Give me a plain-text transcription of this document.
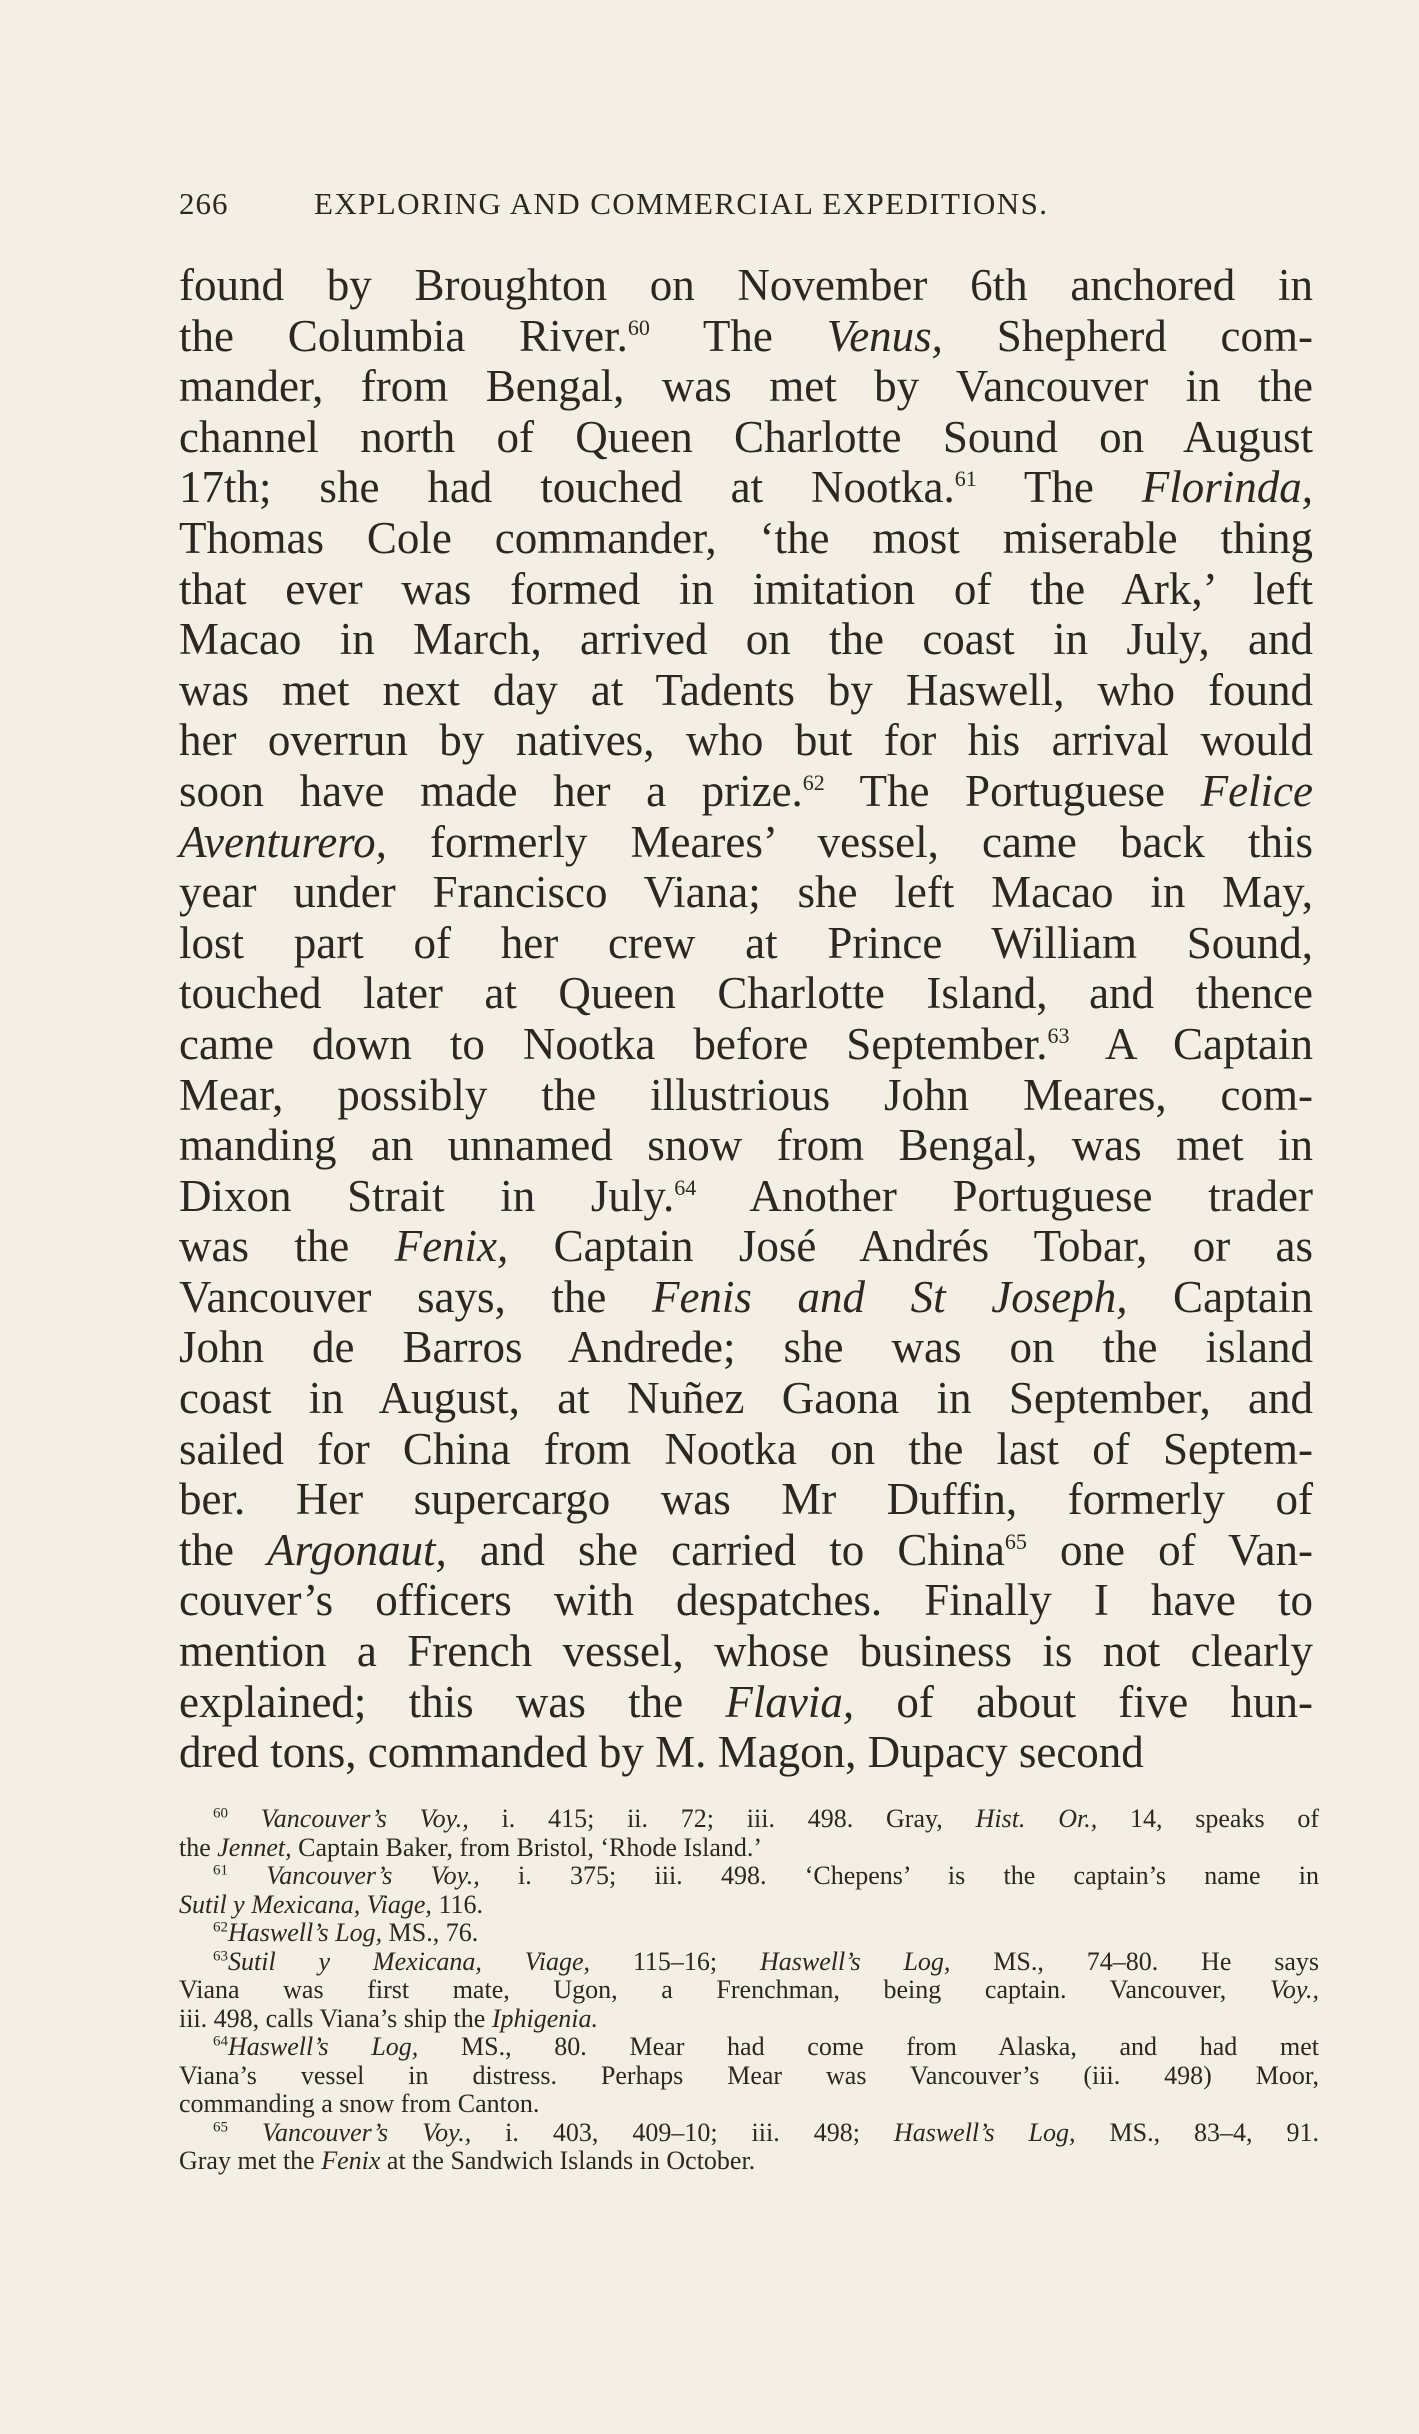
266	EXPLORING AND COMMERCIAL EXPEDITIONS.
found by Broughton on November 6th anchored in
the Columbia River.$^{60}$ The Venus, Shepherd com-
mander, from Bengal, was met by Vancouver in the
channel north of Queen Charlotte Sound on August
17th; she had touched at Nootka.$^{61}$ The Florinda,
Thomas Cole commander, ‘the most miserable thing
that ever was formed in imitation of the Ark,’ left
Macao in March, arrived on the coast in July, and
was met next day at Tadents by Haswell, who found
her overrun by natives, who but for his arrival would
soon have made her a prize.$^{62}$ The Portuguese Felice
Aventurero, formerly Meares’ vessel, came back this
year under Francisco Viana; she left Macao in May,
lost part of her crew at Prince William Sound,
touched later at Queen Charlotte Island, and thence
came down to Nootka before September.$^{63}$ A Captain
Mear, possibly the illustrious John Meares, com-
manding an unnamed snow from Bengal, was met in
Dixon Strait in July.$^{64}$ Another Portuguese trader
was the Fenix, Captain José Andrés Tobar, or as
Vancouver says, the Fenis and St Joseph, Captain
John de Barros Andrede; she was on the island
coast in August, at Nuñez Gaona in September, and
sailed for China from Nootka on the last of Septem-
ber. Her supercargo was Mr Duffin, formerly of
the Argonaut, and she carried to China$^{65}$ one of Van-
couver’s officers with despatches. Finally I have to
mention a French vessel, whose business is not clearly
explained; this was the Flavia, of about five hun-
dred tons, commanded by M. Magon, Dupacy second
$^{60}$ Vancouver’s Voy., i. 415; ii. 72; iii. 498. Gray, Hist. Or., 14, speaks of
the Jennet, Captain Baker, from Bristol, ‘Rhode Island.’
$^{61}$ Vancouver’s Voy., i. 375; iii. 498. ‘Chepens’ is the captain’s name in
Sutil y Mexicana, Viage, 116.
$^{62}$Haswell’s Log, MS., 76.
$^{63}$Sutil y Mexicana, Viage, 115–16; Haswell’s Log, MS., 74–80. He says
Viana was first mate, Ugon, a Frenchman, being captain. Vancouver, Voy.,
iii. 498, calls Viana’s ship the Iphigenia.
$^{64}$Haswell’s Log, MS., 80. Mear had come from Alaska, and had met
Viana’s vessel in distress. Perhaps Mear was Vancouver’s (iii. 498) Moor,
commanding a snow from Canton.
$^{65}$ Vancouver’s Voy., i. 403, 409–10; iii. 498; Haswell’s Log, MS., 83–4, 91.
Gray met the Fenix at the Sandwich Islands in October.
